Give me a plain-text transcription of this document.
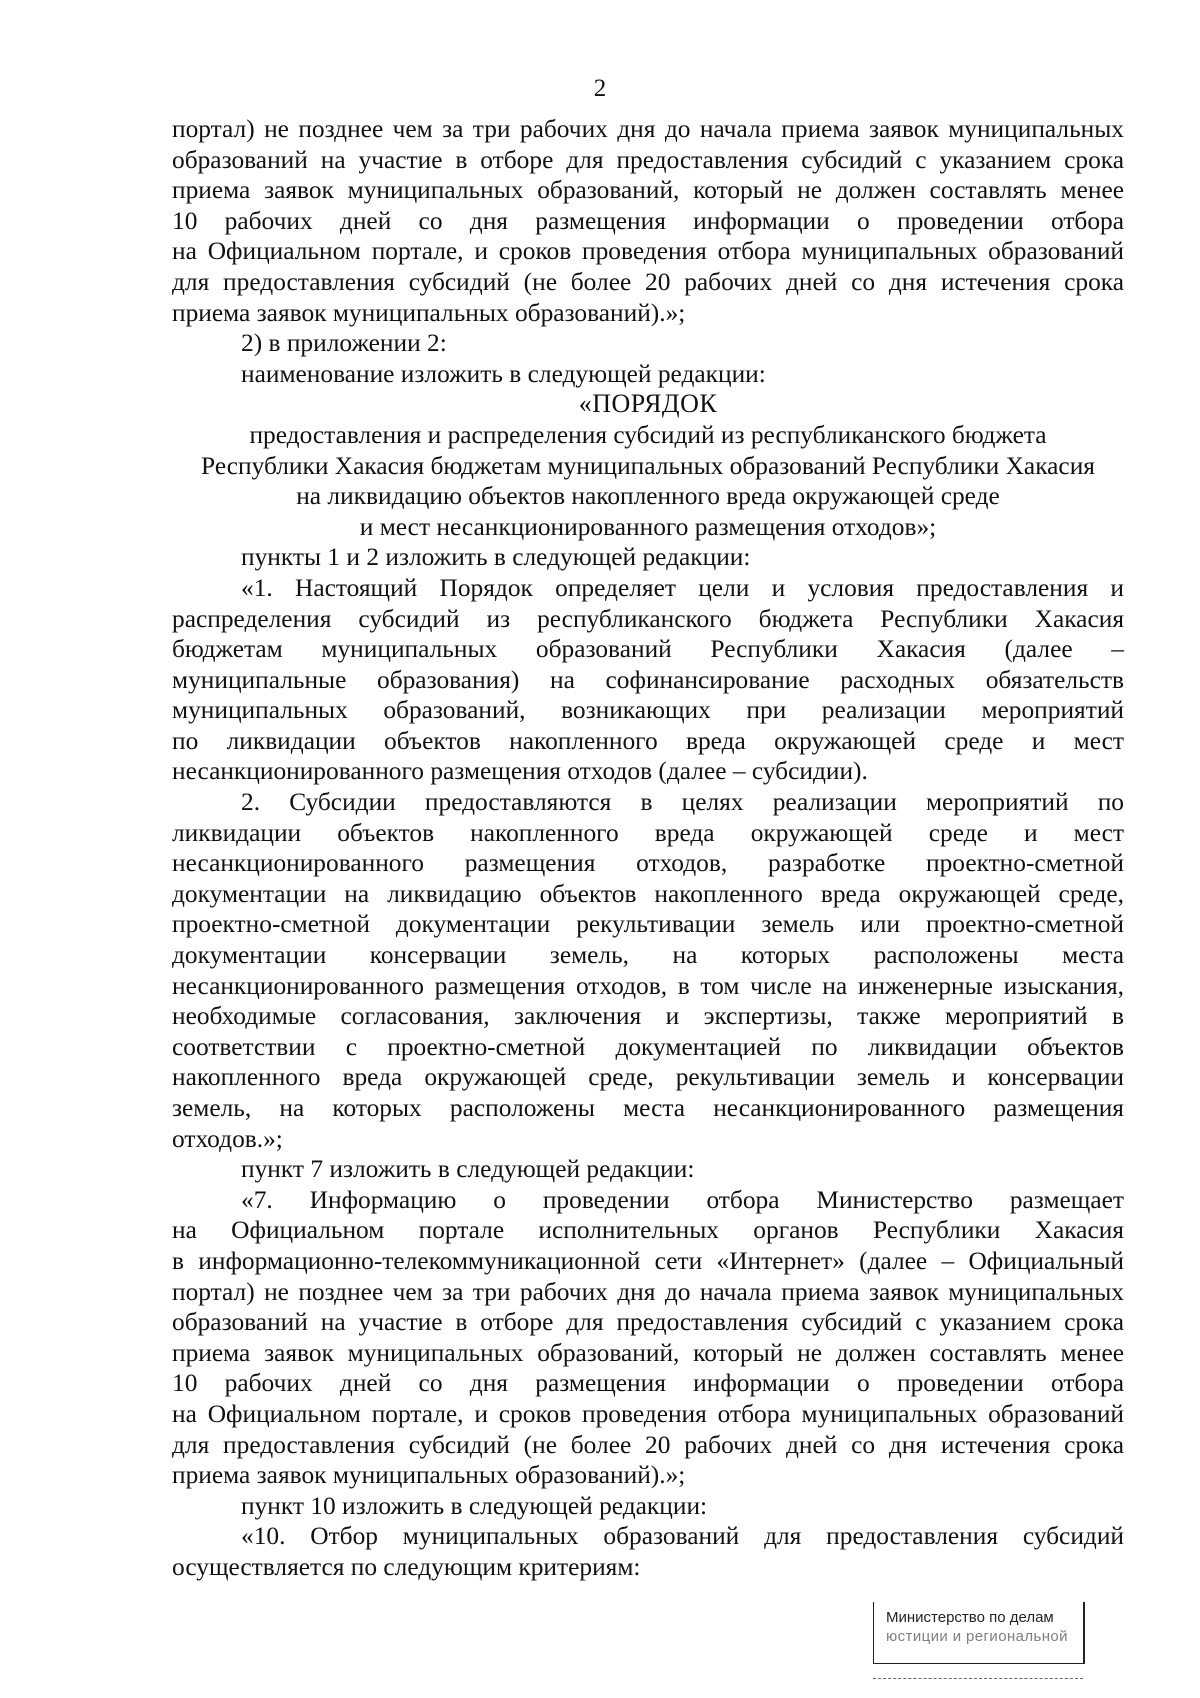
2
портал) не позднее чем за три рабочих дня до начала приема заявок муниципальных
образований на участие в отборе для предоставления субсидий с указанием срока
приема заявок муниципальных образований, который не должен составлять менее
10 рабочих дней со дня размещения информации о проведении отбора
на Официальном портале, и сроков проведения отбора муниципальных образований
для предоставления субсидий (не более 20 рабочих дней со дня истечения срока
приема заявок муниципальных образований).»;
2) в приложении 2:
наименование изложить в следующей редакции:
«ПОРЯДОК
предоставления и распределения субсидий из республиканского бюджета
Республики Хакасия бюджетам муниципальных образований Республики Хакасия
на ликвидацию объектов накопленного вреда окружающей среде
и мест несанкционированного размещения отходов»;
пункты 1 и 2 изложить в следующей редакции:
«1. Настоящий Порядок определяет цели и условия предоставления и
распределения субсидий из республиканского бюджета Республики Хакасия
бюджетам муниципальных образований Республики Хакасия (далее –
муниципальные образования) на софинансирование расходных обязательств
муниципальных образований, возникающих при реализации мероприятий
по ликвидации объектов накопленного вреда окружающей среде и мест
несанкционированного размещения отходов (далее – субсидии).
2. Субсидии предоставляются в целях реализации мероприятий по
ликвидации объектов накопленного вреда окружающей среде и мест
несанкционированного размещения отходов, разработке проектно-сметной
документации на ликвидацию объектов накопленного вреда окружающей среде,
проектно-сметной документации рекультивации земель или проектно-сметной
документации консервации земель, на которых расположены места
несанкционированного размещения отходов, в том числе на инженерные изыскания,
необходимые согласования, заключения и экспертизы, также мероприятий в
соответствии с проектно-сметной документацией по ликвидации объектов
накопленного вреда окружающей среде, рекультивации земель и консервации
земель, на которых расположены места несанкционированного размещения
отходов.»;
пункт 7 изложить в следующей редакции:
«7. Информацию о проведении отбора Министерство размещает
на Официальном портале исполнительных органов Республики Хакасия
в информационно-телекоммуникационной сети «Интернет» (далее – Официальный
портал) не позднее чем за три рабочих дня до начала приема заявок муниципальных
образований на участие в отборе для предоставления субсидий с указанием срока
приема заявок муниципальных образований, который не должен составлять менее
10 рабочих дней со дня размещения информации о проведении отбора
на Официальном портале, и сроков проведения отбора муниципальных образований
для предоставления субсидий (не более 20 рабочих дней со дня истечения срока
приема заявок муниципальных образований).»;
пункт 10 изложить в следующей редакции:
«10. Отбор муниципальных образований для предоставления субсидий
осуществляется по следующим критериям:
Министерство по делам
юстиции и региональной
